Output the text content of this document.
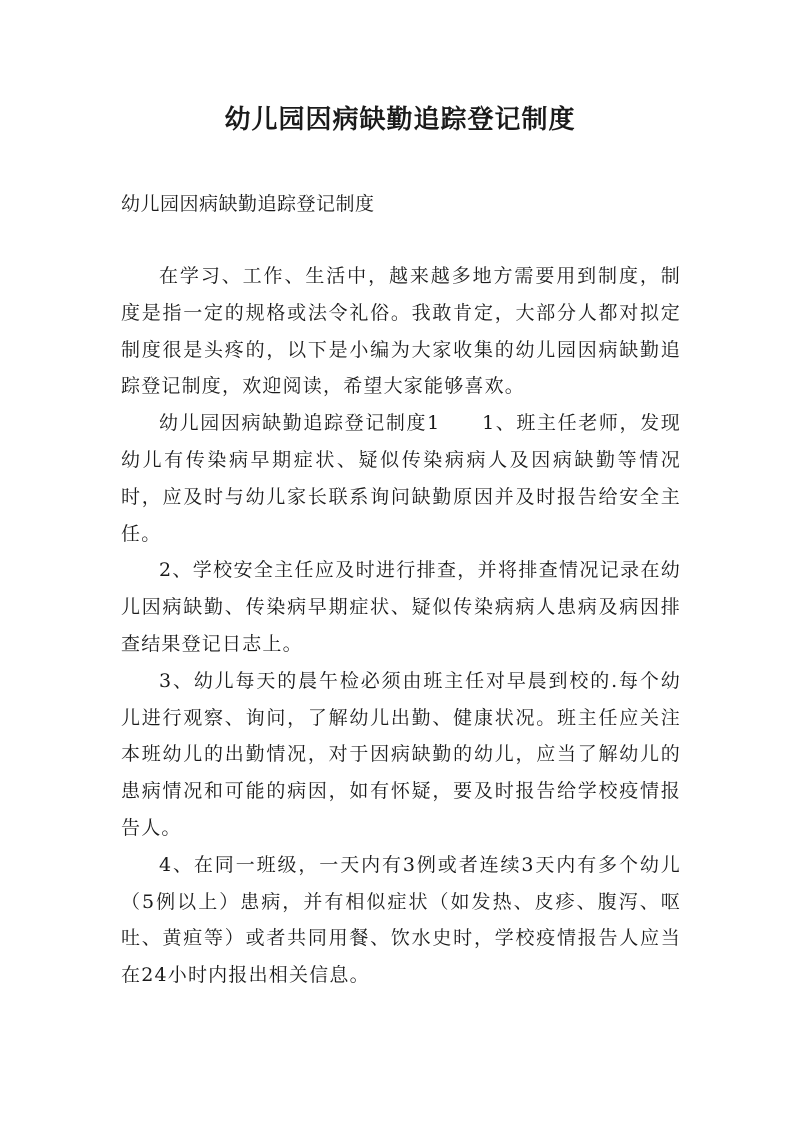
幼儿园因病缺勤追踪登记制度

幼儿园因病缺勤追踪登记制度

在学习、工作、生活中，越来越多地方需要用到制度，制度是指一定的规格或法令礼俗。我敢肯定，大部分人都对拟定制度很是头疼的，以下是小编为大家收集的幼儿园因病缺勤追踪登记制度，欢迎阅读，希望大家能够喜欢。

幼儿园因病缺勤追踪登记制度1　　1、班主任老师，发现幼儿有传染病早期症状、疑似传染病病人及因病缺勤等情况时，应及时与幼儿家长联系询问缺勤原因并及时报告给安全主任。

2、学校安全主任应及时进行排查，并将排查情况记录在幼儿因病缺勤、传染病早期症状、疑似传染病病人患病及病因排查结果登记日志上。

3、幼儿每天的晨午检必须由班主任对早晨到校的.每个幼儿进行观察、询问，了解幼儿出勤、健康状况。班主任应关注本班幼儿的出勤情况，对于因病缺勤的幼儿，应当了解幼儿的患病情况和可能的病因，如有怀疑，要及时报告给学校疫情报告人。

4、在同一班级，一天内有3例或者连续3天内有多个幼儿（5例以上）患病，并有相似症状（如发热、皮疹、腹泻、呕吐、黄疸等）或者共同用餐、饮水史时，学校疫情报告人应当在24小时内报出相关信息。
